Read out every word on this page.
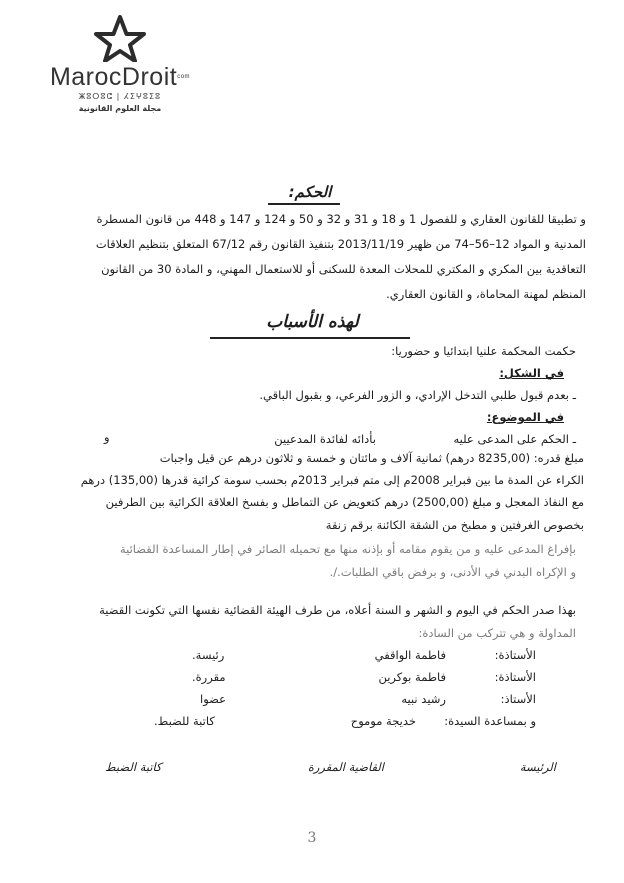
MarocDroit$^{com}$
ⵥⵓⵔⵓⵛ | ⵃⵉⵖⵓⵉⵓ
مجلة العلوم القانونية
الحكم:
و تطبيقا للقانون العقاري و للفصول 1 و 18 و 31 و 32 و 50 و 124 و 147 و 448 من قانون المسطرة
المدنية و المواد 12–56–74 من ظهير 2013/11/19 بتنفيذ القانون رقم 67/12 المتعلق بتنظيم العلاقات
التعاقدية بين المكري و المكتري للمحلات المعدة للسكنى أو للاستعمال المهني، و المادة 30 من القانون
المنظم لمهنة المحاماة، و القانون العقاري.
لهذه الأسباب
حكمت المحكمة علنيا ابتدائيا و حضوريا:
في الشكل:
ـ بعدم قبول طلبي التدخل الإرادي، و الزور الفرعي، و بقبول الباقي.
في الموضوع:
ـ الحكم على المدعى عليه
بأدائه لفائدة المدعيين
و
مبلغ قدره: (8235,00 درهم) ثمانية آلاف و مائتان و خمسة و ثلاثون درهم عن قيل واجبات
الكراء عن المدة ما بين فبراير 2008م إلى متم فبراير 2013م بحسب سومة كرائية قدرها (135,00) درهم
مع النفاذ المعجل و مبلغ (2500,00) درهم كتعويض عن التماطل و بفسخ العلاقة الكرائية بين الطرفين
بخصوص الغرفتين و مطبخ من الشقة الكائنة برقم زنقة
بإفراغ المدعى عليه و من يقوم مقامه أو بإذنه منها مع تحميله الصائر في إطار المساعدة القضائية
و الإكراه البدني في الأدنى، و برفض باقي الطلبات./.
بهذا صدر الحكم في اليوم و الشهر و السنة أعلاه، من طرف الهيئة القضائية نفسها التي تكونت القضية
المداولة و هي تتركب من السادة:
الأستاذة:
فاطمة الواقفي
رئيسة.
الأستاذة:
فاطمة بوكرين
مقررة.
الأستاذ:
رشيد نبيه
عضوا
و بمساعدة السيدة:
خديجة موموح
كاتبة للضبط.
الرئيسة
القاضية المقررة
كاتبة الضبط
3
